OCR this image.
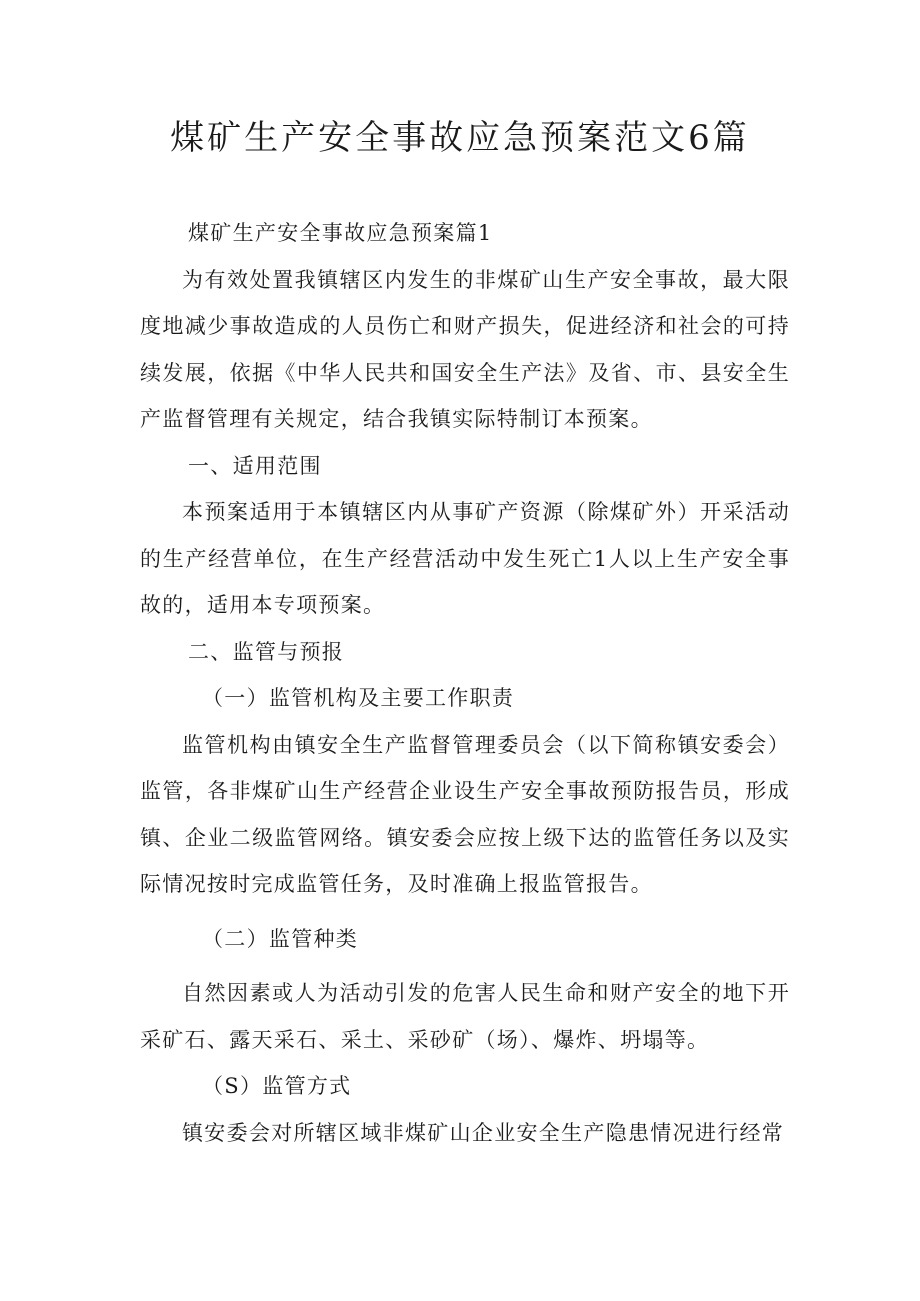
煤矿生产安全事故应急预案范文6篇

煤矿生产安全事故应急预案篇1

为有效处置我镇辖区内发生的非煤矿山生产安全事故，最大限度地减少事故造成的人员伤亡和财产损失，促进经济和社会的可持续发展，依据《中华人民共和国安全生产法》及省、市、县安全生产监督管理有关规定，结合我镇实际特制订本预案。

一、适用范围

本预案适用于本镇辖区内从事矿产资源（除煤矿外）开采活动的生产经营单位，在生产经营活动中发生死亡1人以上生产安全事故的，适用本专项预案。

二、监管与预报

（一）监管机构及主要工作职责

监管机构由镇安全生产监督管理委员会（以下简称镇安委会）监管，各非煤矿山生产经营企业设生产安全事故预防报告员，形成镇、企业二级监管网络。镇安委会应按上级下达的监管任务以及实际情况按时完成监管任务，及时准确上报监管报告。

（二）监管种类

自然因素或人为活动引发的危害人民生命和财产安全的地下开采矿石、露天采石、采土、采砂矿（场）、爆炸、坍塌等。

（S）监管方式

镇安委会对所辖区域非煤矿山企业安全生产隐患情况进行经常
